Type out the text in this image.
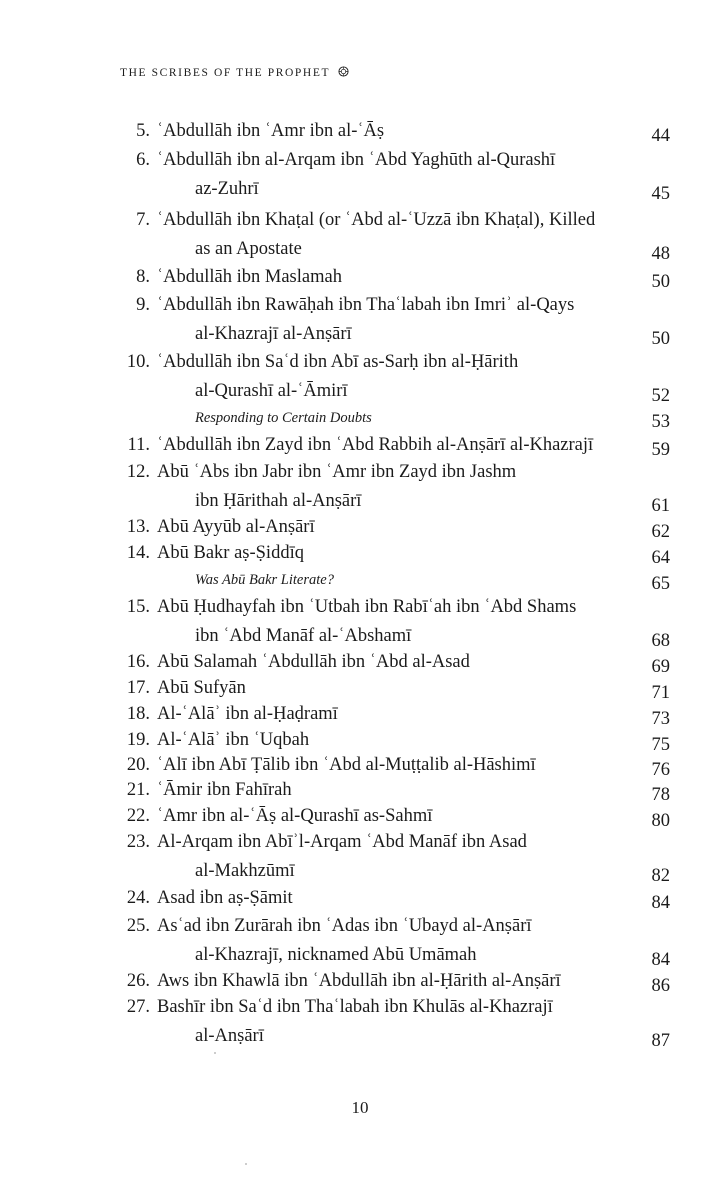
THE SCRIBES OF THE PROPHET
5. ʿAbdullāh ibn ʿAmr ibn al-ʿĀṣ	44
6. ʿAbdullāh ibn al-Arqam ibn ʿAbd Yaghūth al-Qurashī
az-Zuhrī	45
7. ʿAbdullāh ibn Khaṭal (or ʿAbd al-ʿUzzā ibn Khaṭal), Killed
as an Apostate	48
8. ʿAbdullāh ibn Maslamah	50
9. ʿAbdullāh ibn Rawāḥah ibn Thaʿlabah ibn Imriʾ al-Qays
al-Khazrajī al-Anṣārī	50
10. ʿAbdullāh ibn Saʿd ibn Abī as-Sarḥ ibn al-Ḥārith
al-Qurashī al-ʿĀmirī	52
Responding to Certain Doubts	53
11. ʿAbdullāh ibn Zayd ibn ʿAbd Rabbih al-Anṣārī al-Khazrajī	59
12. Abū ʿAbs ibn Jabr ibn ʿAmr ibn Zayd ibn Jashm
ibn Ḥārithah al-Anṣārī	61
13. Abū Ayyūb al-Anṣārī	62
14. Abū Bakr aṣ-Ṣiddīq	64
Was Abū Bakr Literate?	65
15. Abū Ḥudhayfah ibn ʿUtbah ibn Rabīʿah ibn ʿAbd Shams
ibn ʿAbd Manāf al-ʿAbshamī	68
16. Abū Salamah ʿAbdullāh ibn ʿAbd al-Asad	69
17. Abū Sufyān	71
18. Al-ʿAlāʾ ibn al-Ḥaḍramī	73
19. Al-ʿAlāʾ ibn ʿUqbah	75
20. ʿAlī ibn Abī Ṭālib ibn ʿAbd al-Muṭṭalib al-Hāshimī	76
21. ʿĀmir ibn Fahīrah	78
22. ʿAmr ibn al-ʿĀṣ al-Qurashī as-Sahmī	80
23. Al-Arqam ibn Abīʾl-Arqam ʿAbd Manāf ibn Asad
al-Makhzūmī	82
24. Asad ibn aṣ-Ṣāmit	84
25. Asʿad ibn Zurārah ibn ʿAdas ibn ʿUbayd al-Anṣārī
al-Khazrajī, nicknamed Abū Umāmah	84
26. Aws ibn Khawlā ibn ʿAbdullāh ibn al-Ḥārith al-Anṣārī	86
27. Bashīr ibn Saʿd ibn Thaʿlabah ibn Khulās al-Khazrajī
al-Anṣārī	87
10
